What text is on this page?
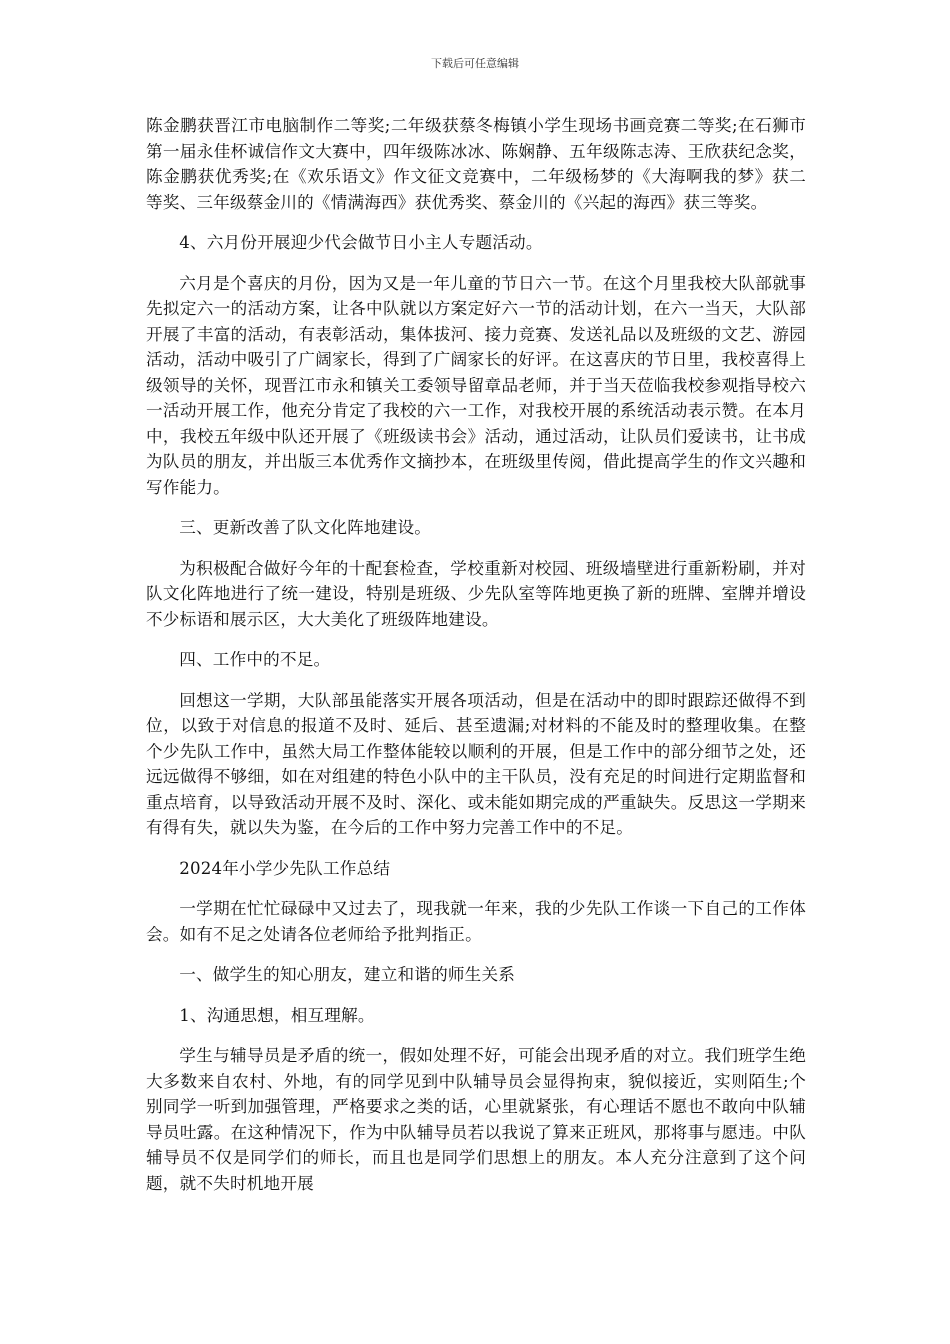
下载后可任意编辑

陈金鹏获晋江市电脑制作二等奖;二年级获蔡冬梅镇小学生现场书画竞赛二等奖;在石狮市第一届永佳杯诚信作文大赛中，四年级陈冰冰、陈娴静、五年级陈志涛、王欣获纪念奖，陈金鹏获优秀奖;在《欢乐语文》作文征文竞赛中，二年级杨梦的《大海啊我的梦》获二等奖、三年级蔡金川的《情满海西》获优秀奖、蔡金川的《兴起的海西》获三等奖。

4、六月份开展迎少代会做节日小主人专题活动。

六月是个喜庆的月份，因为又是一年儿童的节日六一节。在这个月里我校大队部就事先拟定六一的活动方案，让各中队就以方案定好六一节的活动计划，在六一当天，大队部开展了丰富的活动，有表彰活动，集体拔河、接力竞赛、发送礼品以及班级的文艺、游园活动，活动中吸引了广阔家长，得到了广阔家长的好评。在这喜庆的节日里，我校喜得上级领导的关怀，现晋江市永和镇关工委领导留章品老师，并于当天莅临我校参观指导校六一活动开展工作，他充分肯定了我校的六一工作，对我校开展的系统活动表示赞。在本月中，我校五年级中队还开展了《班级读书会》活动，通过活动，让队员们爱读书，让书成为队员的朋友，并出版三本优秀作文摘抄本，在班级里传阅，借此提高学生的作文兴趣和写作能力。

三、更新改善了队文化阵地建设。

为积极配合做好今年的十配套检查，学校重新对校园、班级墙壁进行重新粉刷，并对队文化阵地进行了统一建设，特别是班级、少先队室等阵地更换了新的班牌、室牌并增设不少标语和展示区，大大美化了班级阵地建设。

四、工作中的不足。

回想这一学期，大队部虽能落实开展各项活动，但是在活动中的即时跟踪还做得不到位，以致于对信息的报道不及时、延后、甚至遗漏;对材料的不能及时的整理收集。在整个少先队工作中，虽然大局工作整体能较以顺利的开展，但是工作中的部分细节之处，还远远做得不够细，如在对组建的特色小队中的主干队员，没有充足的时间进行定期监督和重点培育，以导致活动开展不及时、深化、或未能如期完成的严重缺失。反思这一学期来有得有失，就以失为鉴，在今后的工作中努力完善工作中的不足。

2024年小学少先队工作总结

一学期在忙忙碌碌中又过去了，现我就一年来，我的少先队工作谈一下自己的工作体会。如有不足之处请各位老师给予批判指正。

一、做学生的知心朋友，建立和谐的师生关系

1、沟通思想，相互理解。

学生与辅导员是矛盾的统一，假如处理不好，可能会出现矛盾的对立。我们班学生绝大多数来自农村、外地，有的同学见到中队辅导员会显得拘束，貌似接近，实则陌生;个别同学一听到加强管理，严格要求之类的话，心里就紧张，有心理话不愿也不敢向中队辅导员吐露。在这种情况下，作为中队辅导员若以我说了算来正班风，那将事与愿违。中队辅导员不仅是同学们的师长，而且也是同学们思想上的朋友。本人充分注意到了这个问题，就不失时机地开展
